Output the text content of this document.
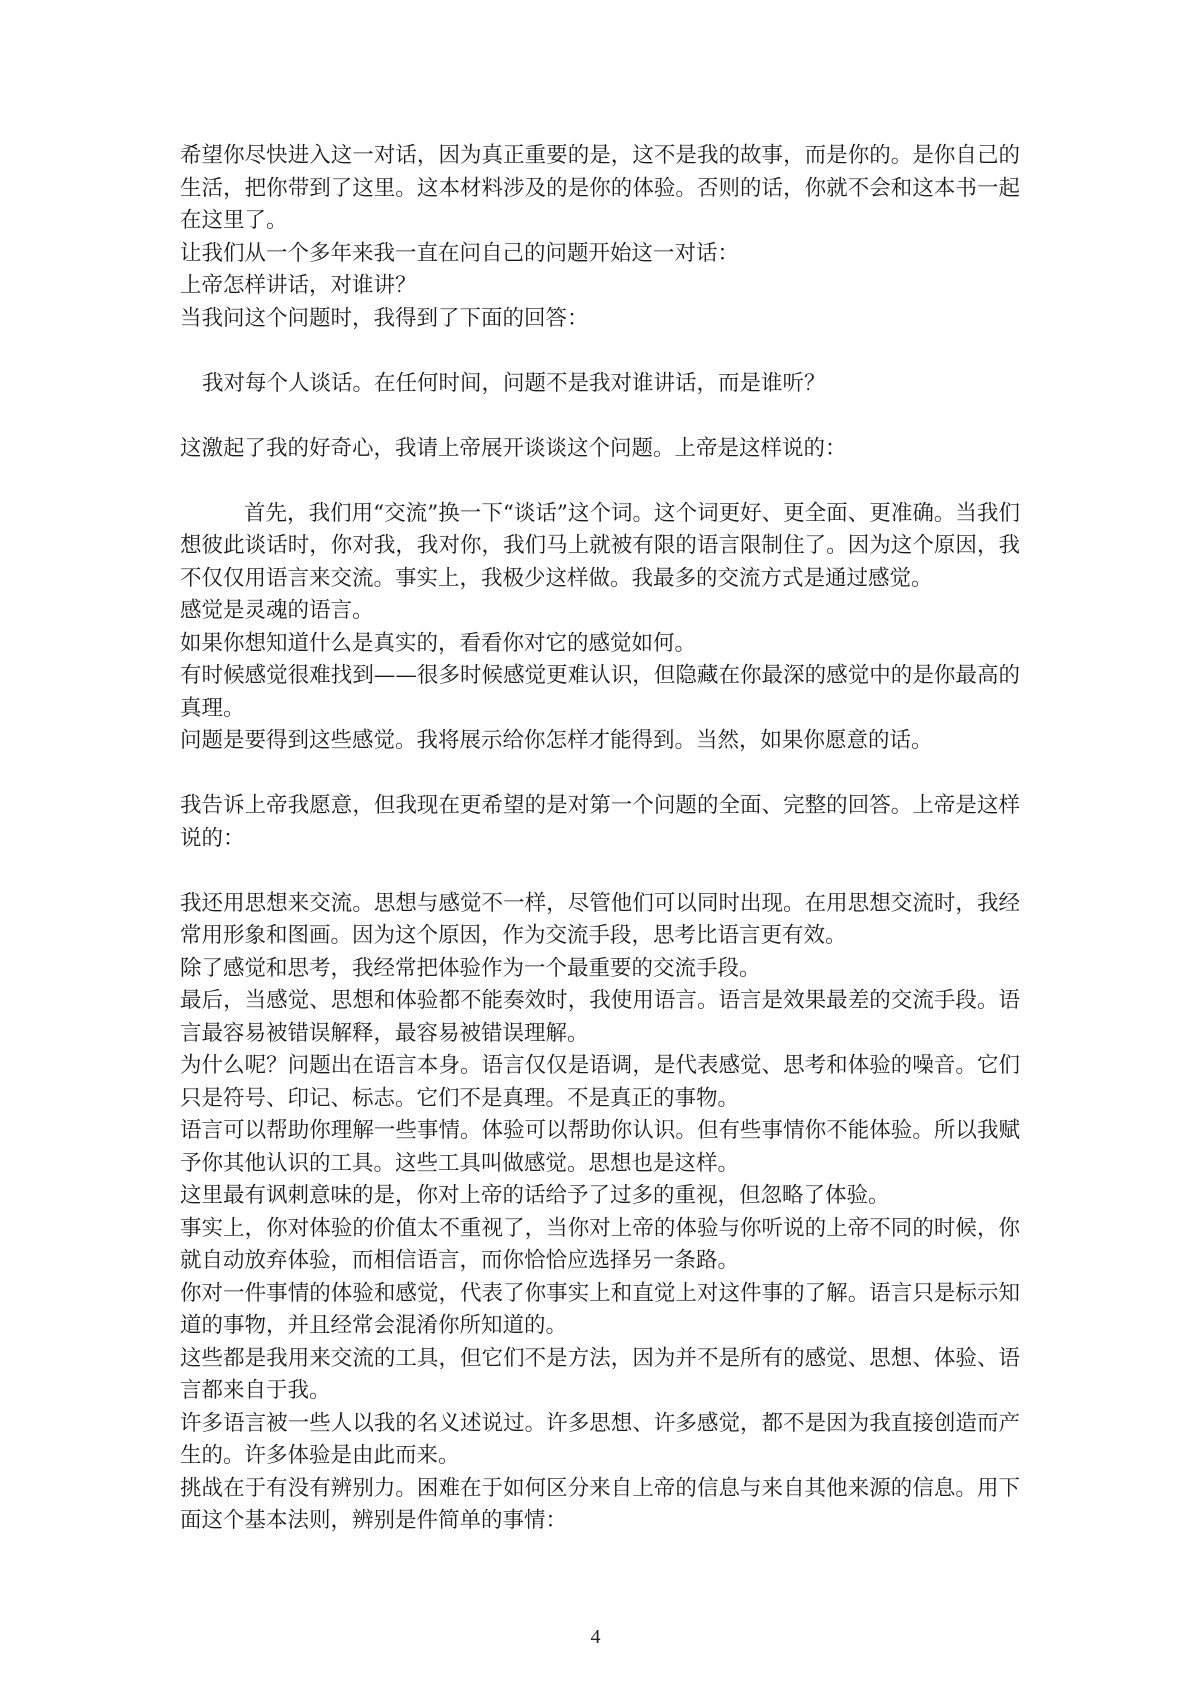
希望你尽快进入这一对话，因为真正重要的是，这不是我的故事，而是你的。是你自己的生活，把你带到了这里。这本材料涉及的是你的体验。否则的话，你就不会和这本书一起在这里了。

让我们从一个多年来我一直在问自己的问题开始这一对话：

上帝怎样讲话，对谁讲？

当我问这个问题时，我得到了下面的回答：

我对每个人谈话。在任何时间，问题不是我对谁讲话，而是谁听？

这激起了我的好奇心，我请上帝展开谈谈这个问题。上帝是这样说的：

首先，我们用“交流”换一下“谈话”这个词。这个词更好、更全面、更准确。当我们想彼此谈话时，你对我，我对你，我们马上就被有限的语言限制住了。因为这个原因，我不仅仅用语言来交流。事实上，我极少这样做。我最多的交流方式是通过感觉。

感觉是灵魂的语言。

如果你想知道什么是真实的，看看你对它的感觉如何。

有时候感觉很难找到——很多时候感觉更难认识，但隐藏在你最深的感觉中的是你最高的真理。

问题是要得到这些感觉。我将展示给你怎样才能得到。当然，如果你愿意的话。

我告诉上帝我愿意，但我现在更希望的是对第一个问题的全面、完整的回答。上帝是这样说的：

我还用思想来交流。思想与感觉不一样，尽管他们可以同时出现。在用思想交流时，我经常用形象和图画。因为这个原因，作为交流手段，思考比语言更有效。

除了感觉和思考，我经常把体验作为一个最重要的交流手段。

最后，当感觉、思想和体验都不能奏效时，我使用语言。语言是效果最差的交流手段。语言最容易被错误解释，最容易被错误理解。

为什么呢？问题出在语言本身。语言仅仅是语调，是代表感觉、思考和体验的噪音。它们只是符号、印记、标志。它们不是真理。不是真正的事物。

语言可以帮助你理解一些事情。体验可以帮助你认识。但有些事情你不能体验。所以我赋予你其他认识的工具。这些工具叫做感觉。思想也是这样。

这里最有讽刺意味的是，你对上帝的话给予了过多的重视，但忽略了体验。

事实上，你对体验的价值太不重视了，当你对上帝的体验与你听说的上帝不同的时候，你就自动放弃体验，而相信语言，而你恰恰应选择另一条路。

你对一件事情的体验和感觉，代表了你事实上和直觉上对这件事的了解。语言只是标示知道的事物，并且经常会混淆你所知道的。

这些都是我用来交流的工具，但它们不是方法，因为并不是所有的感觉、思想、体验、语言都来自于我。

许多语言被一些人以我的名义述说过。许多思想、许多感觉，都不是因为我直接创造而产生的。许多体验是由此而来。

挑战在于有没有辨别力。困难在于如何区分来自上帝的信息与来自其他来源的信息。用下面这个基本法则，辨别是件简单的事情：

4
